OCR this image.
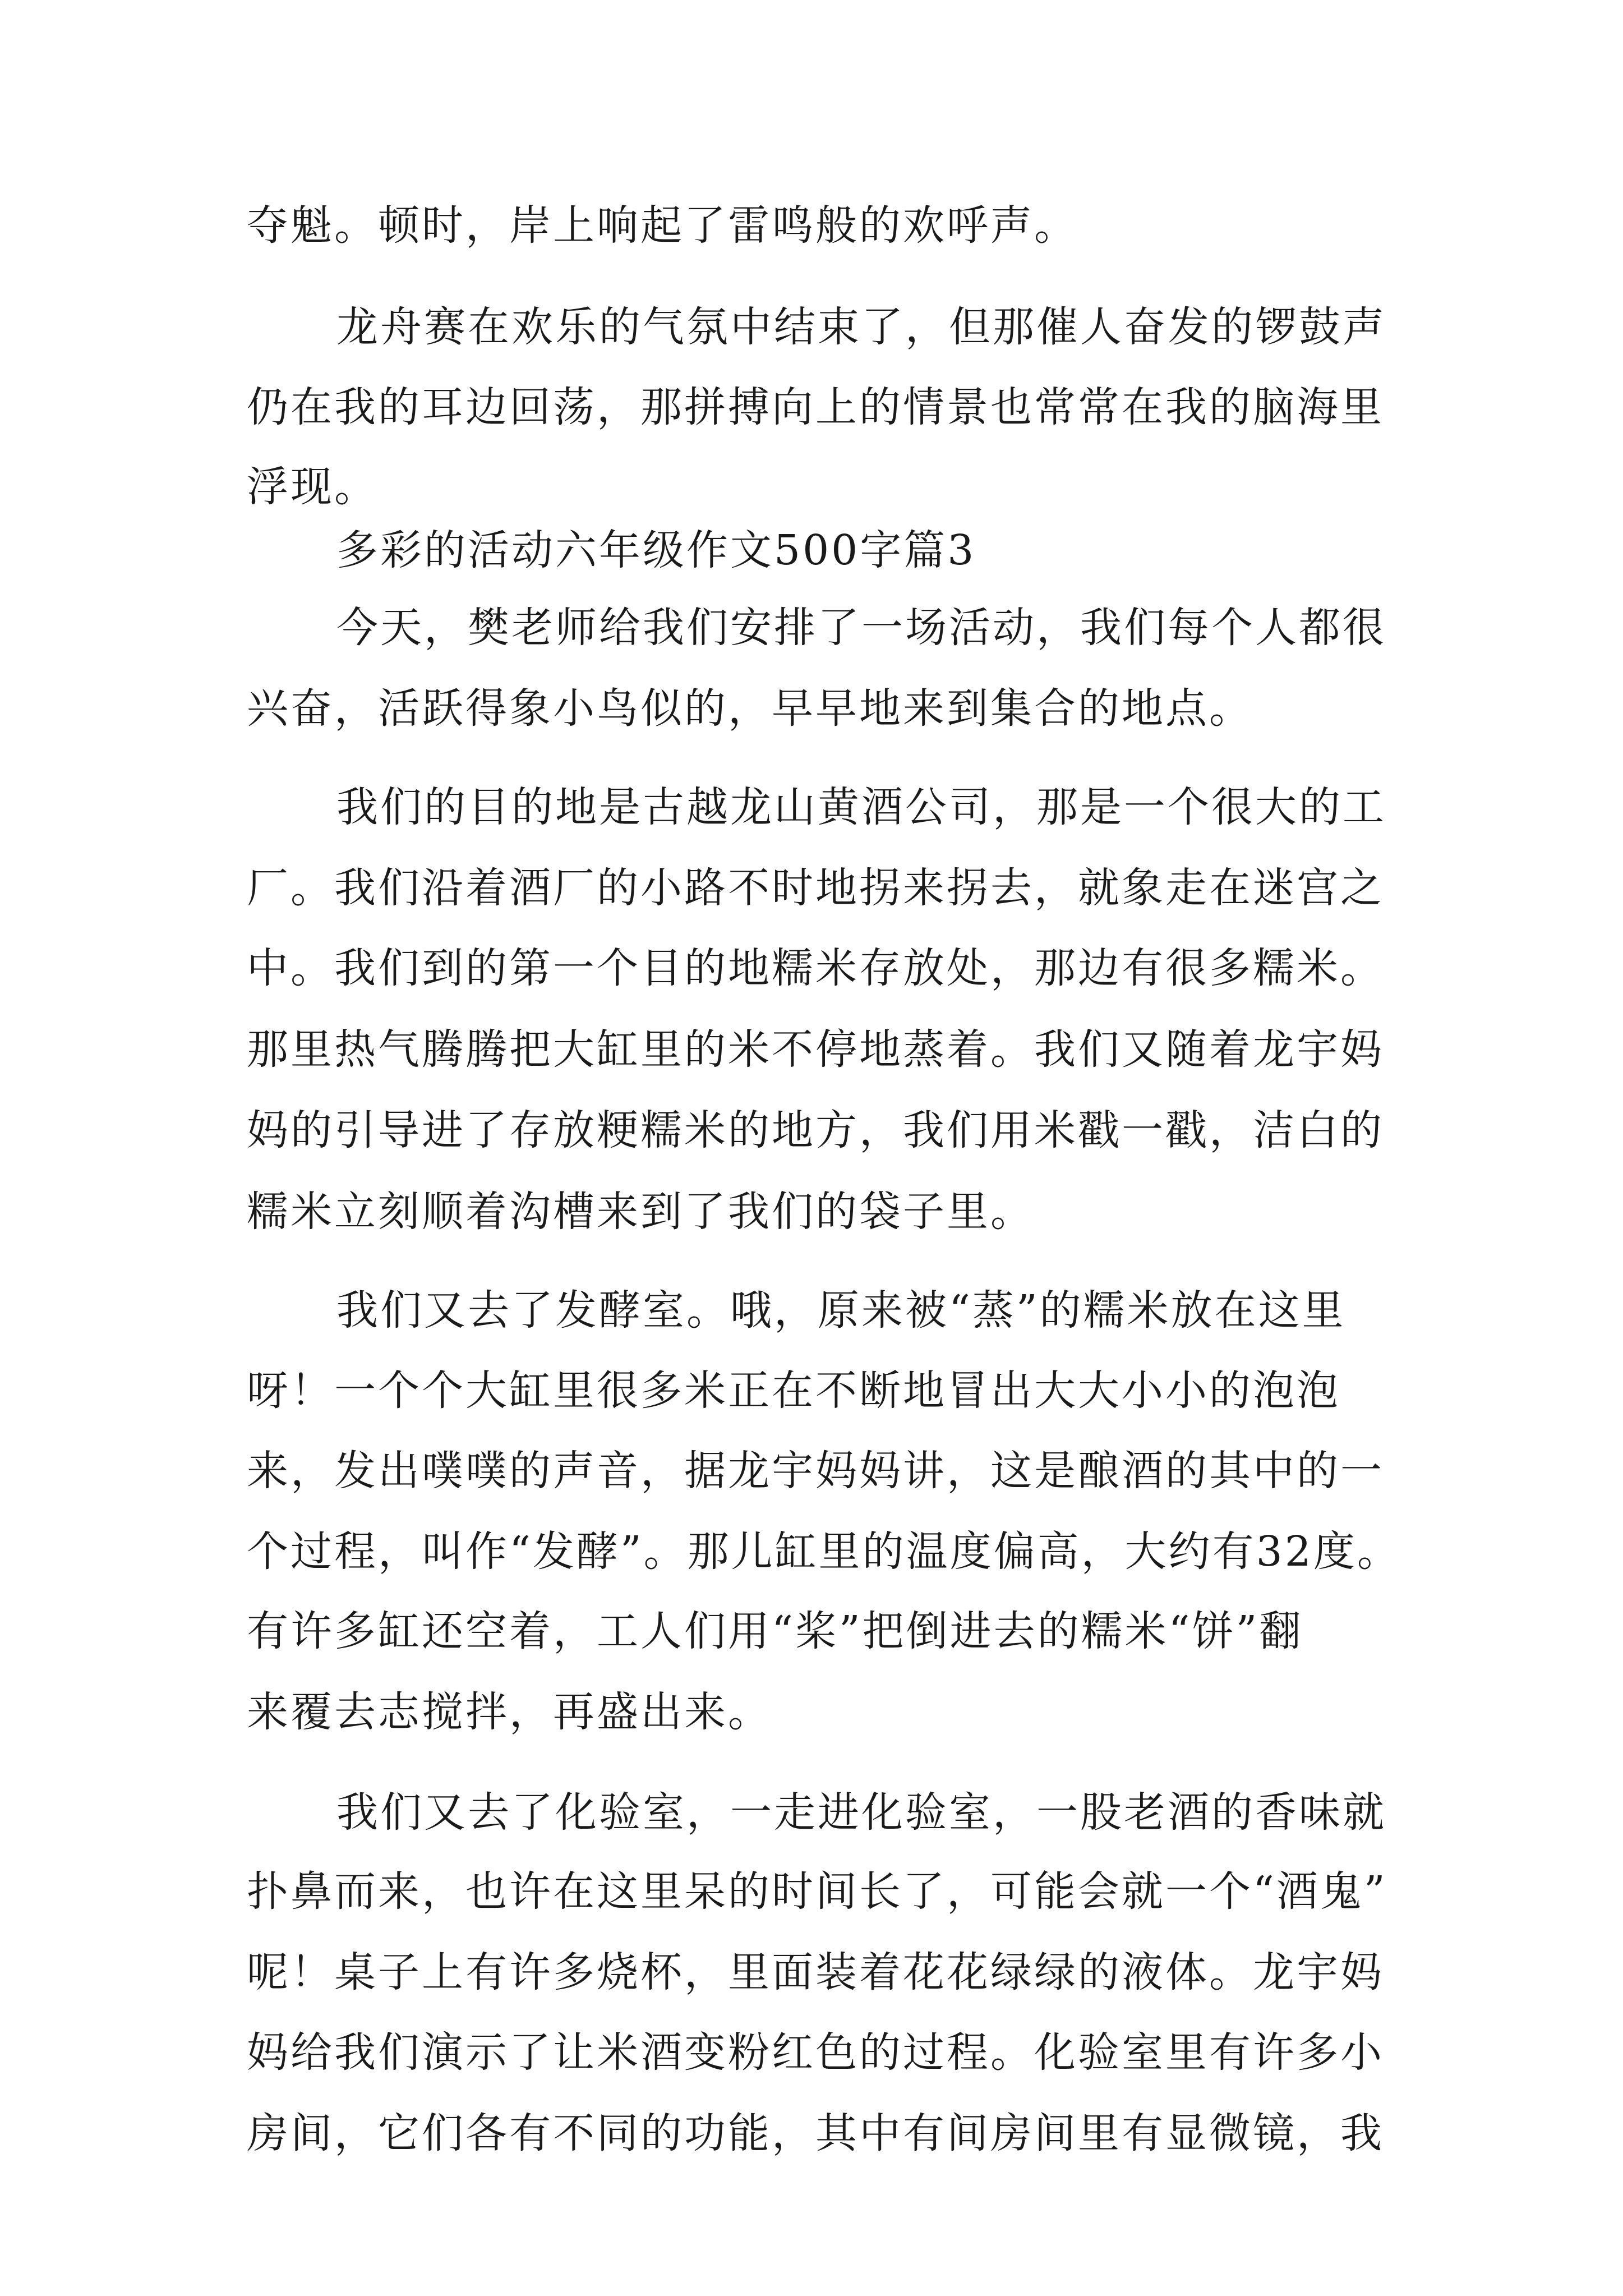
夺魁。顿时，岸上响起了雷鸣般的欢呼声。
龙舟赛在欢乐的气氛中结束了，但那催人奋发的锣鼓声
仍在我的耳边回荡，那拼搏向上的情景也常常在我的脑海里
浮现。
多彩的活动六年级作文500字篇3
今天，樊老师给我们安排了一场活动，我们每个人都很
兴奋，活跃得象小鸟似的，早早地来到集合的地点。
我们的目的地是古越龙山黄酒公司，那是一个很大的工
厂。我们沿着酒厂的小路不时地拐来拐去，就象走在迷宫之
中。我们到的第一个目的地糯米存放处，那边有很多糯米。
那里热气腾腾把大缸里的米不停地蒸着。我们又随着龙宇妈
妈的引导进了存放粳糯米的地方，我们用米戳一戳，洁白的
糯米立刻顺着沟槽来到了我们的袋子里。
我们又去了发酵室。哦，原来被“蒸”的糯米放在这里
呀！一个个大缸里很多米正在不断地冒出大大小小的泡泡
来，发出噗噗的声音，据龙宇妈妈讲，这是酿酒的其中的一
个过程，叫作“发酵”。那儿缸里的温度偏高，大约有32度。
有许多缸还空着，工人们用“桨”把倒进去的糯米“饼”翻
来覆去志搅拌，再盛出来。
我们又去了化验室，一走进化验室，一股老酒的香味就
扑鼻而来，也许在这里呆的时间长了，可能会就一个“酒鬼”
呢！桌子上有许多烧杯，里面装着花花绿绿的液体。龙宇妈
妈给我们演示了让米酒变粉红色的过程。化验室里有许多小
房间，它们各有不同的功能，其中有间房间里有显微镜，我
